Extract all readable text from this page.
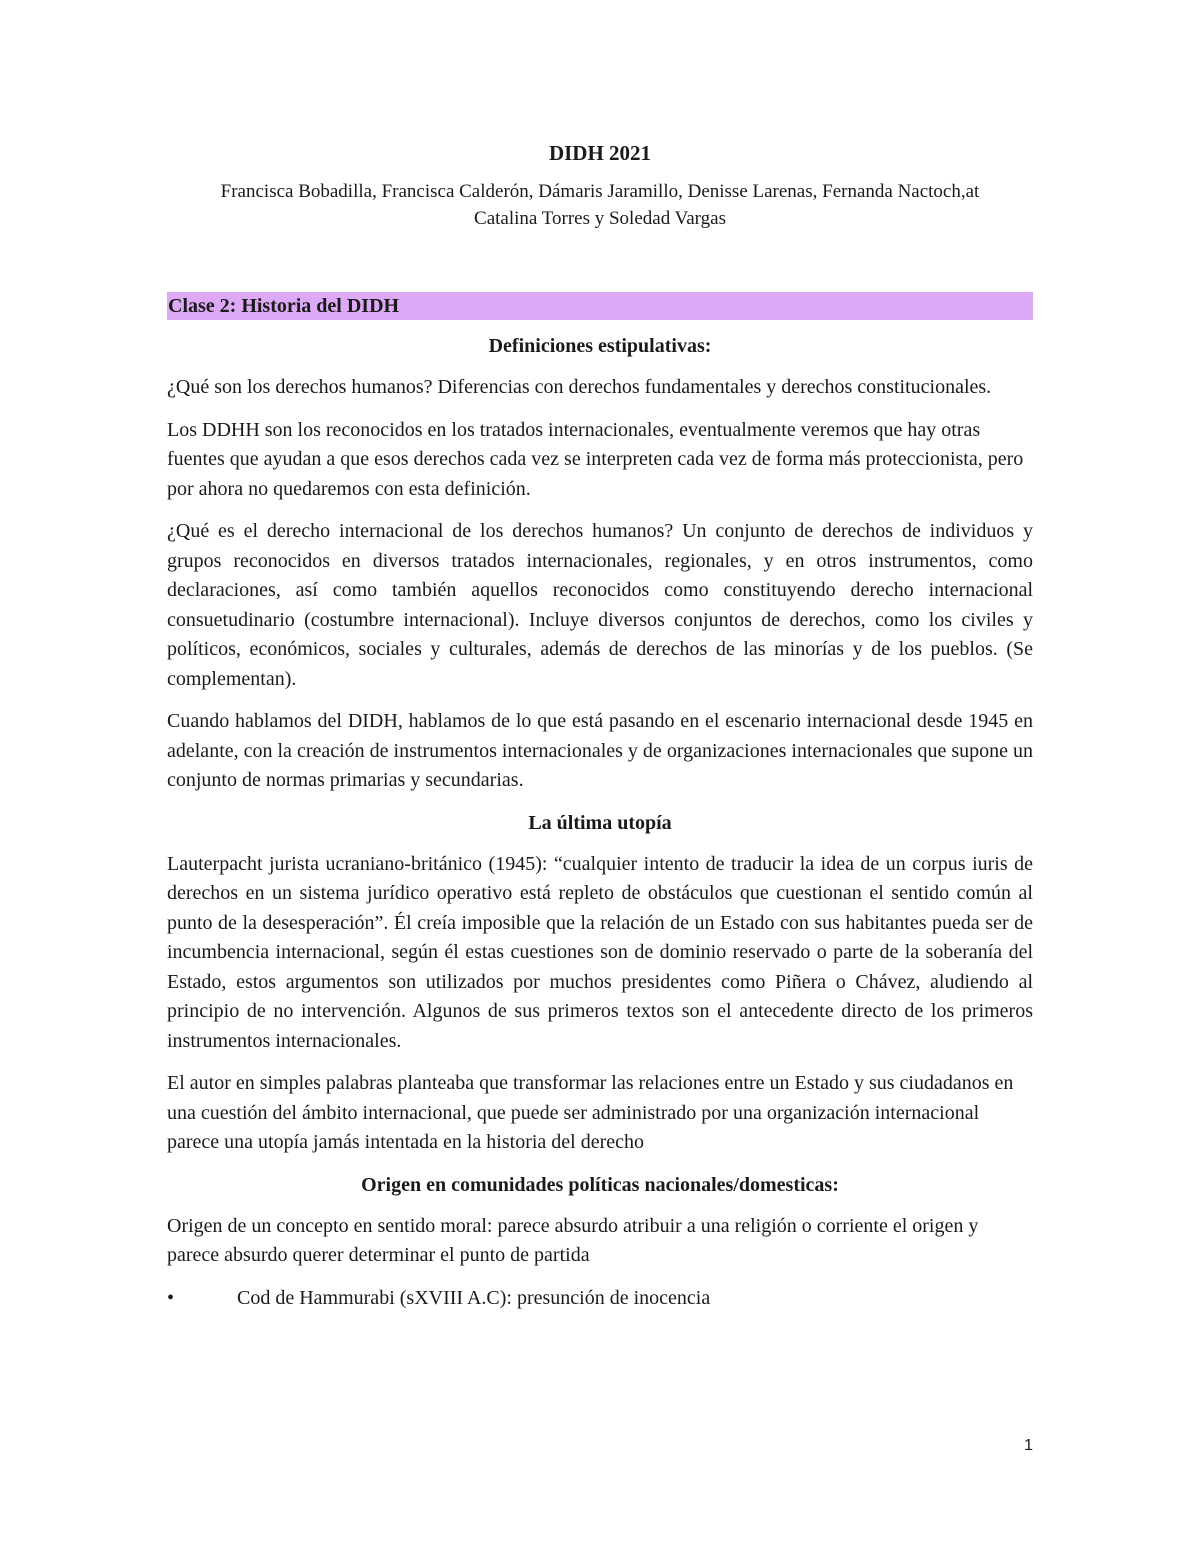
DIDH 2021
Francisca Bobadilla, Francisca Calderón, Dámaris Jaramillo, Denisse Larenas, Fernanda Nactoch,at
Catalina Torres y Soledad Vargas
Clase 2: Historia del DIDH
Definiciones estipulativas:

¿Qué son los derechos humanos? Diferencias con derechos fundamentales y derechos constitucionales.

Los DDHH son los reconocidos en los tratados internacionales, eventualmente veremos que hay otras fuentes que ayudan a que esos derechos cada vez se interpreten cada vez de forma más proteccionista, pero por ahora no quedaremos con esta definición.

¿Qué es el derecho internacional de los derechos humanos? Un conjunto de derechos de individuos y grupos reconocidos en diversos tratados internacionales, regionales, y en otros instrumentos, como declaraciones, así como también aquellos reconocidos como constituyendo derecho internacional consuetudinario (costumbre internacional). Incluye diversos conjuntos de derechos, como los civiles y políticos, económicos, sociales y culturales, además de derechos de las minorías y de los pueblos. (Se complementan).

Cuando hablamos del DIDH, hablamos de lo que está pasando en el escenario internacional desde 1945 en adelante, con la creación de instrumentos internacionales y de organizaciones internacionales que supone un conjunto de normas primarias y secundarias.

La última utopía

Lauterpacht jurista ucraniano-británico (1945): “cualquier intento de traducir la idea de un corpus iuris de derechos en un sistema jurídico operativo está repleto de obstáculos que cuestionan el sentido común al punto de la desesperación”. Él creía imposible que la relación de un Estado con sus habitantes pueda ser de incumbencia internacional, según él estas cuestiones son de dominio reservado o parte de la soberanía del Estado, estos argumentos son utilizados por muchos presidentes como Piñera o Chávez, aludiendo al principio de no intervención. Algunos de sus primeros textos son el antecedente directo de los primeros instrumentos internacionales.

El autor en simples palabras planteaba que transformar las relaciones entre un Estado y sus ciudadanos en una cuestión del ámbito internacional, que puede ser administrado por una organización internacional parece una utopía jamás intentada en la historia del derecho

Origen en comunidades políticas nacionales/domesticas:

Origen de un concepto en sentido moral: parece absurdo atribuir a una religión o corriente el origen y parece absurdo querer determinar el punto de partida

•	Cod de Hammurabi (sXVIII A.C): presunción de inocencia
1
